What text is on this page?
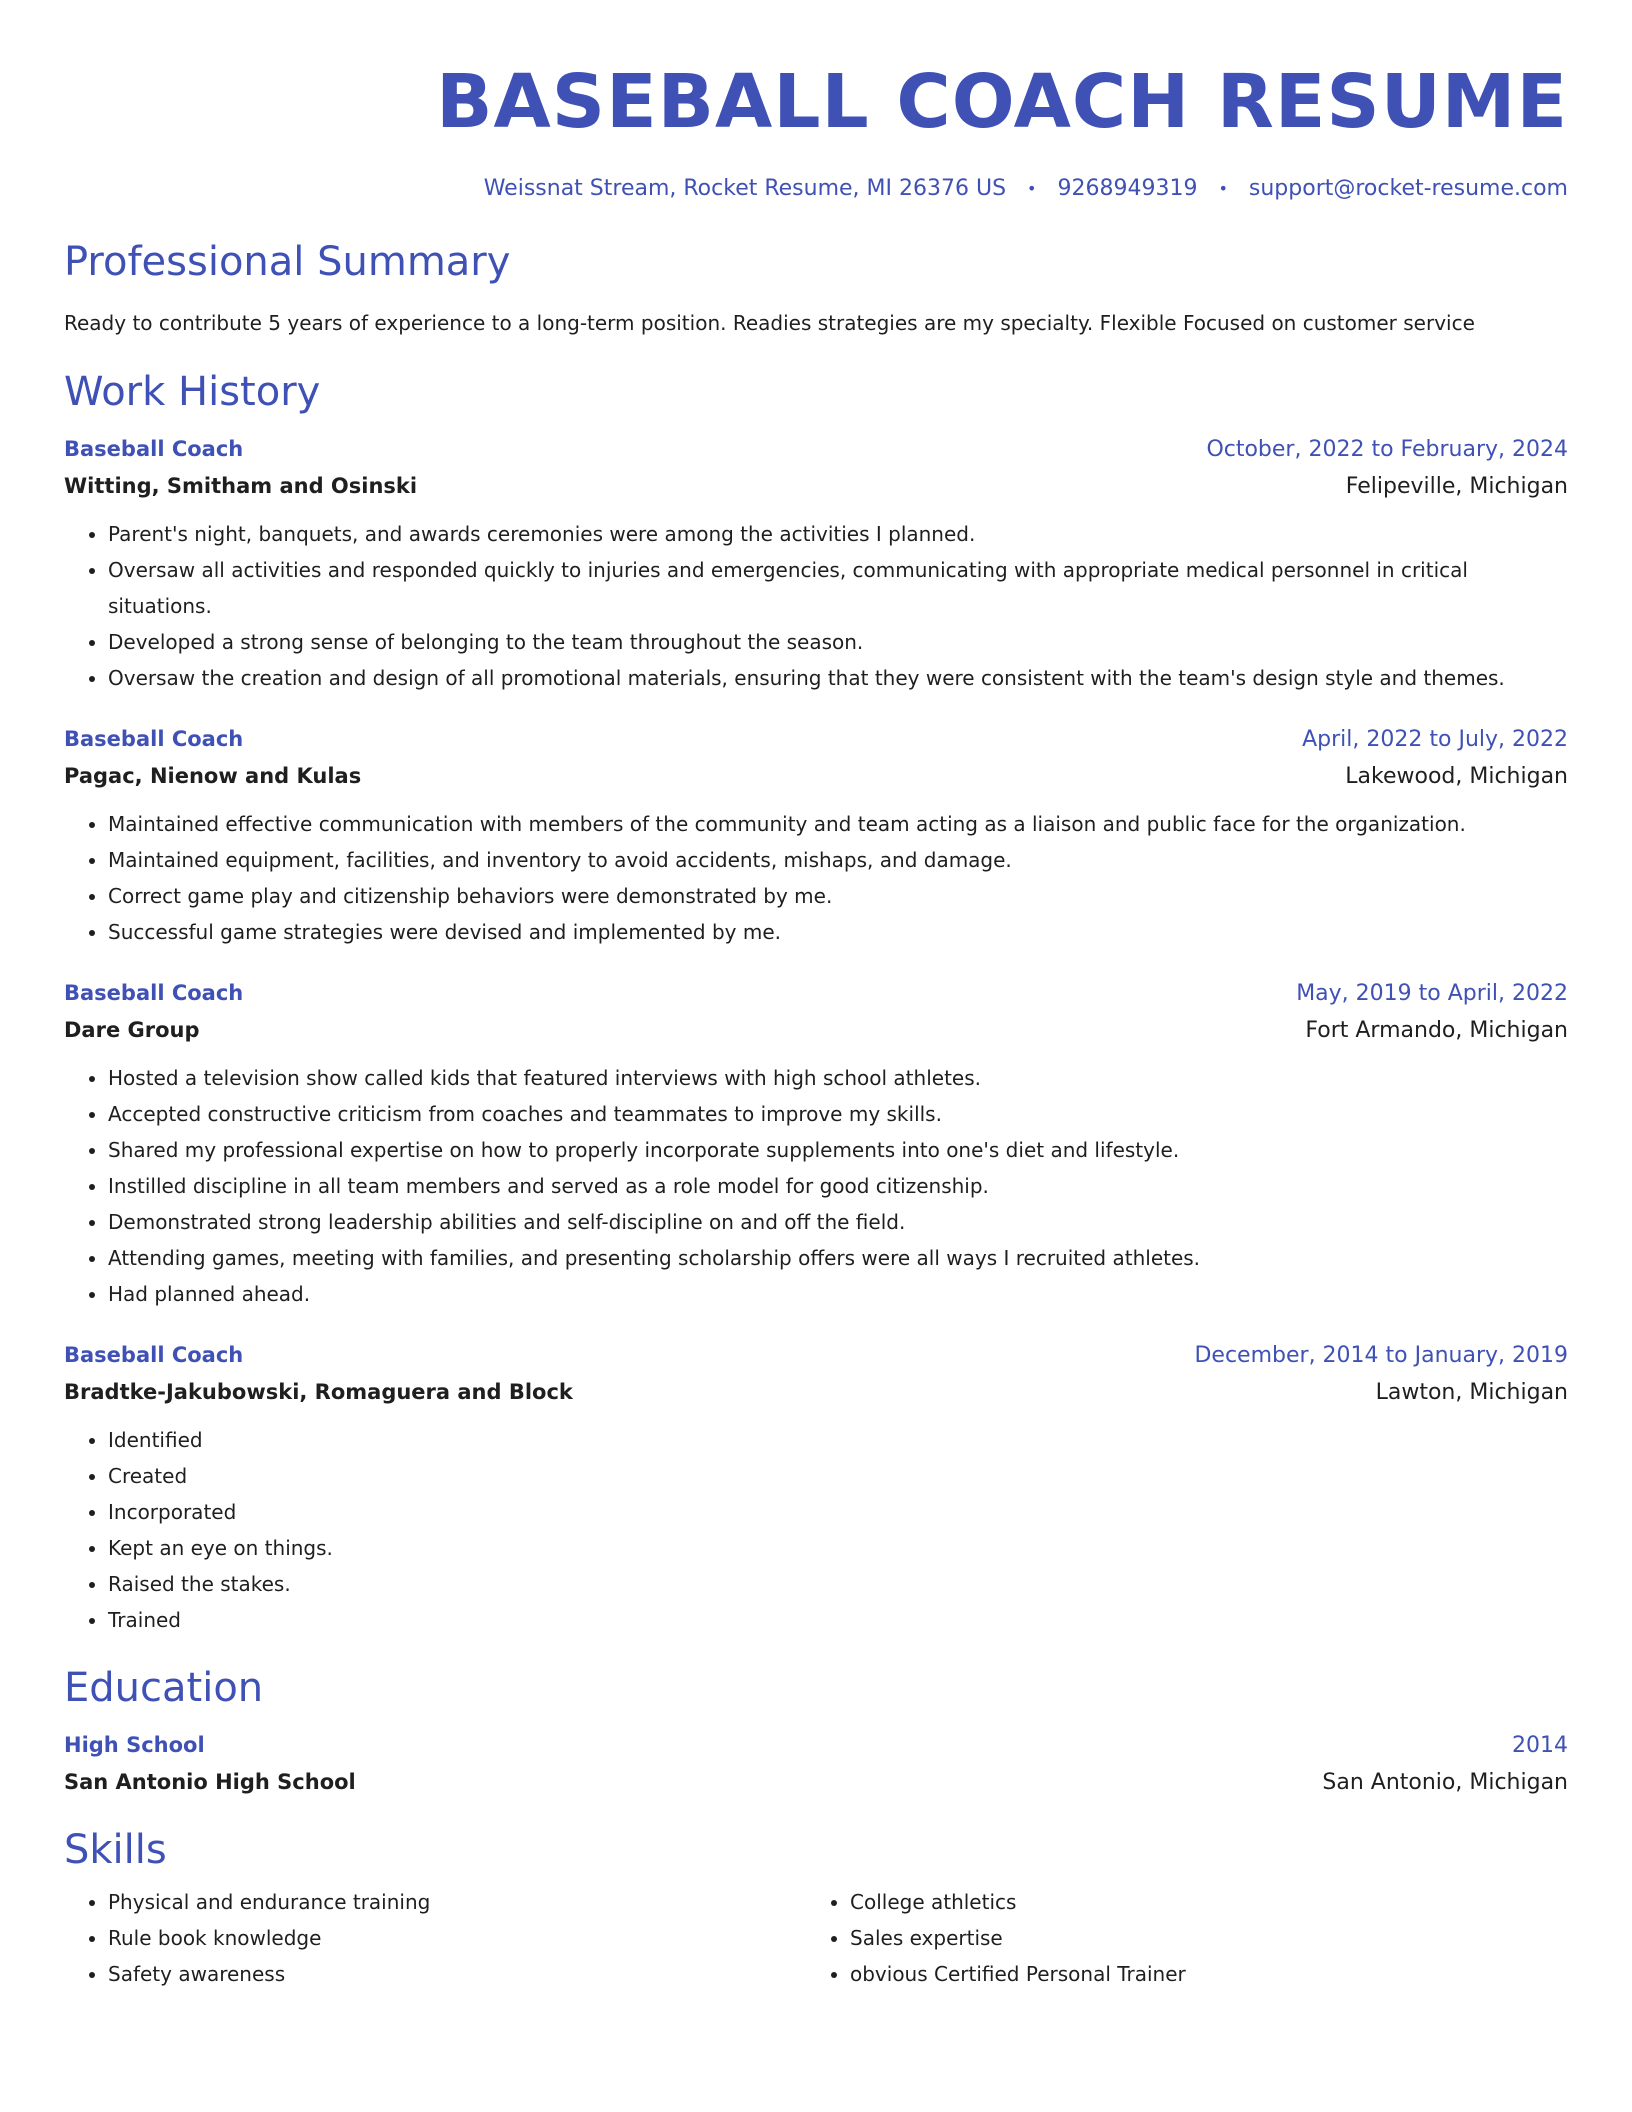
BASEBALL COACH RESUME
Weissnat Stream, Rocket Resume, MI 26376 US • 9268949319 • support@rocket-resume.com
Professional Summary
Ready to contribute 5 years of experience to a long-term position. Readies strategies are my specialty. Flexible Focused on customer service
Work History
Baseball Coach	October, 2022 to February, 2024
Witting, Smitham and Osinski	Felipeville, Michigan
• Parent's night, banquets, and awards ceremonies were among the activities I planned.
• Oversaw all activities and responded quickly to injuries and emergencies, communicating with appropriate medical personnel in critical situations.
• Developed a strong sense of belonging to the team throughout the season.
• Oversaw the creation and design of all promotional materials, ensuring that they were consistent with the team's design style and themes.
Baseball Coach	April, 2022 to July, 2022
Pagac, Nienow and Kulas	Lakewood, Michigan
• Maintained effective communication with members of the community and team acting as a liaison and public face for the organization.
• Maintained equipment, facilities, and inventory to avoid accidents, mishaps, and damage.
• Correct game play and citizenship behaviors were demonstrated by me.
• Successful game strategies were devised and implemented by me.
Baseball Coach	May, 2019 to April, 2022
Dare Group	Fort Armando, Michigan
• Hosted a television show called kids that featured interviews with high school athletes.
• Accepted constructive criticism from coaches and teammates to improve my skills.
• Shared my professional expertise on how to properly incorporate supplements into one's diet and lifestyle.
• Instilled discipline in all team members and served as a role model for good citizenship.
• Demonstrated strong leadership abilities and self-discipline on and off the field.
• Attending games, meeting with families, and presenting scholarship offers were all ways I recruited athletes.
• Had planned ahead.
Baseball Coach	December, 2014 to January, 2019
Bradtke-Jakubowski, Romaguera and Block	Lawton, Michigan
• Identified
• Created
• Incorporated
• Kept an eye on things.
• Raised the stakes.
• Trained
Education
High School	2014
San Antonio High School	San Antonio, Michigan
Skills
• Physical and endurance training
• Rule book knowledge
• Safety awareness
• College athletics
• Sales expertise
• obvious Certified Personal Trainer
